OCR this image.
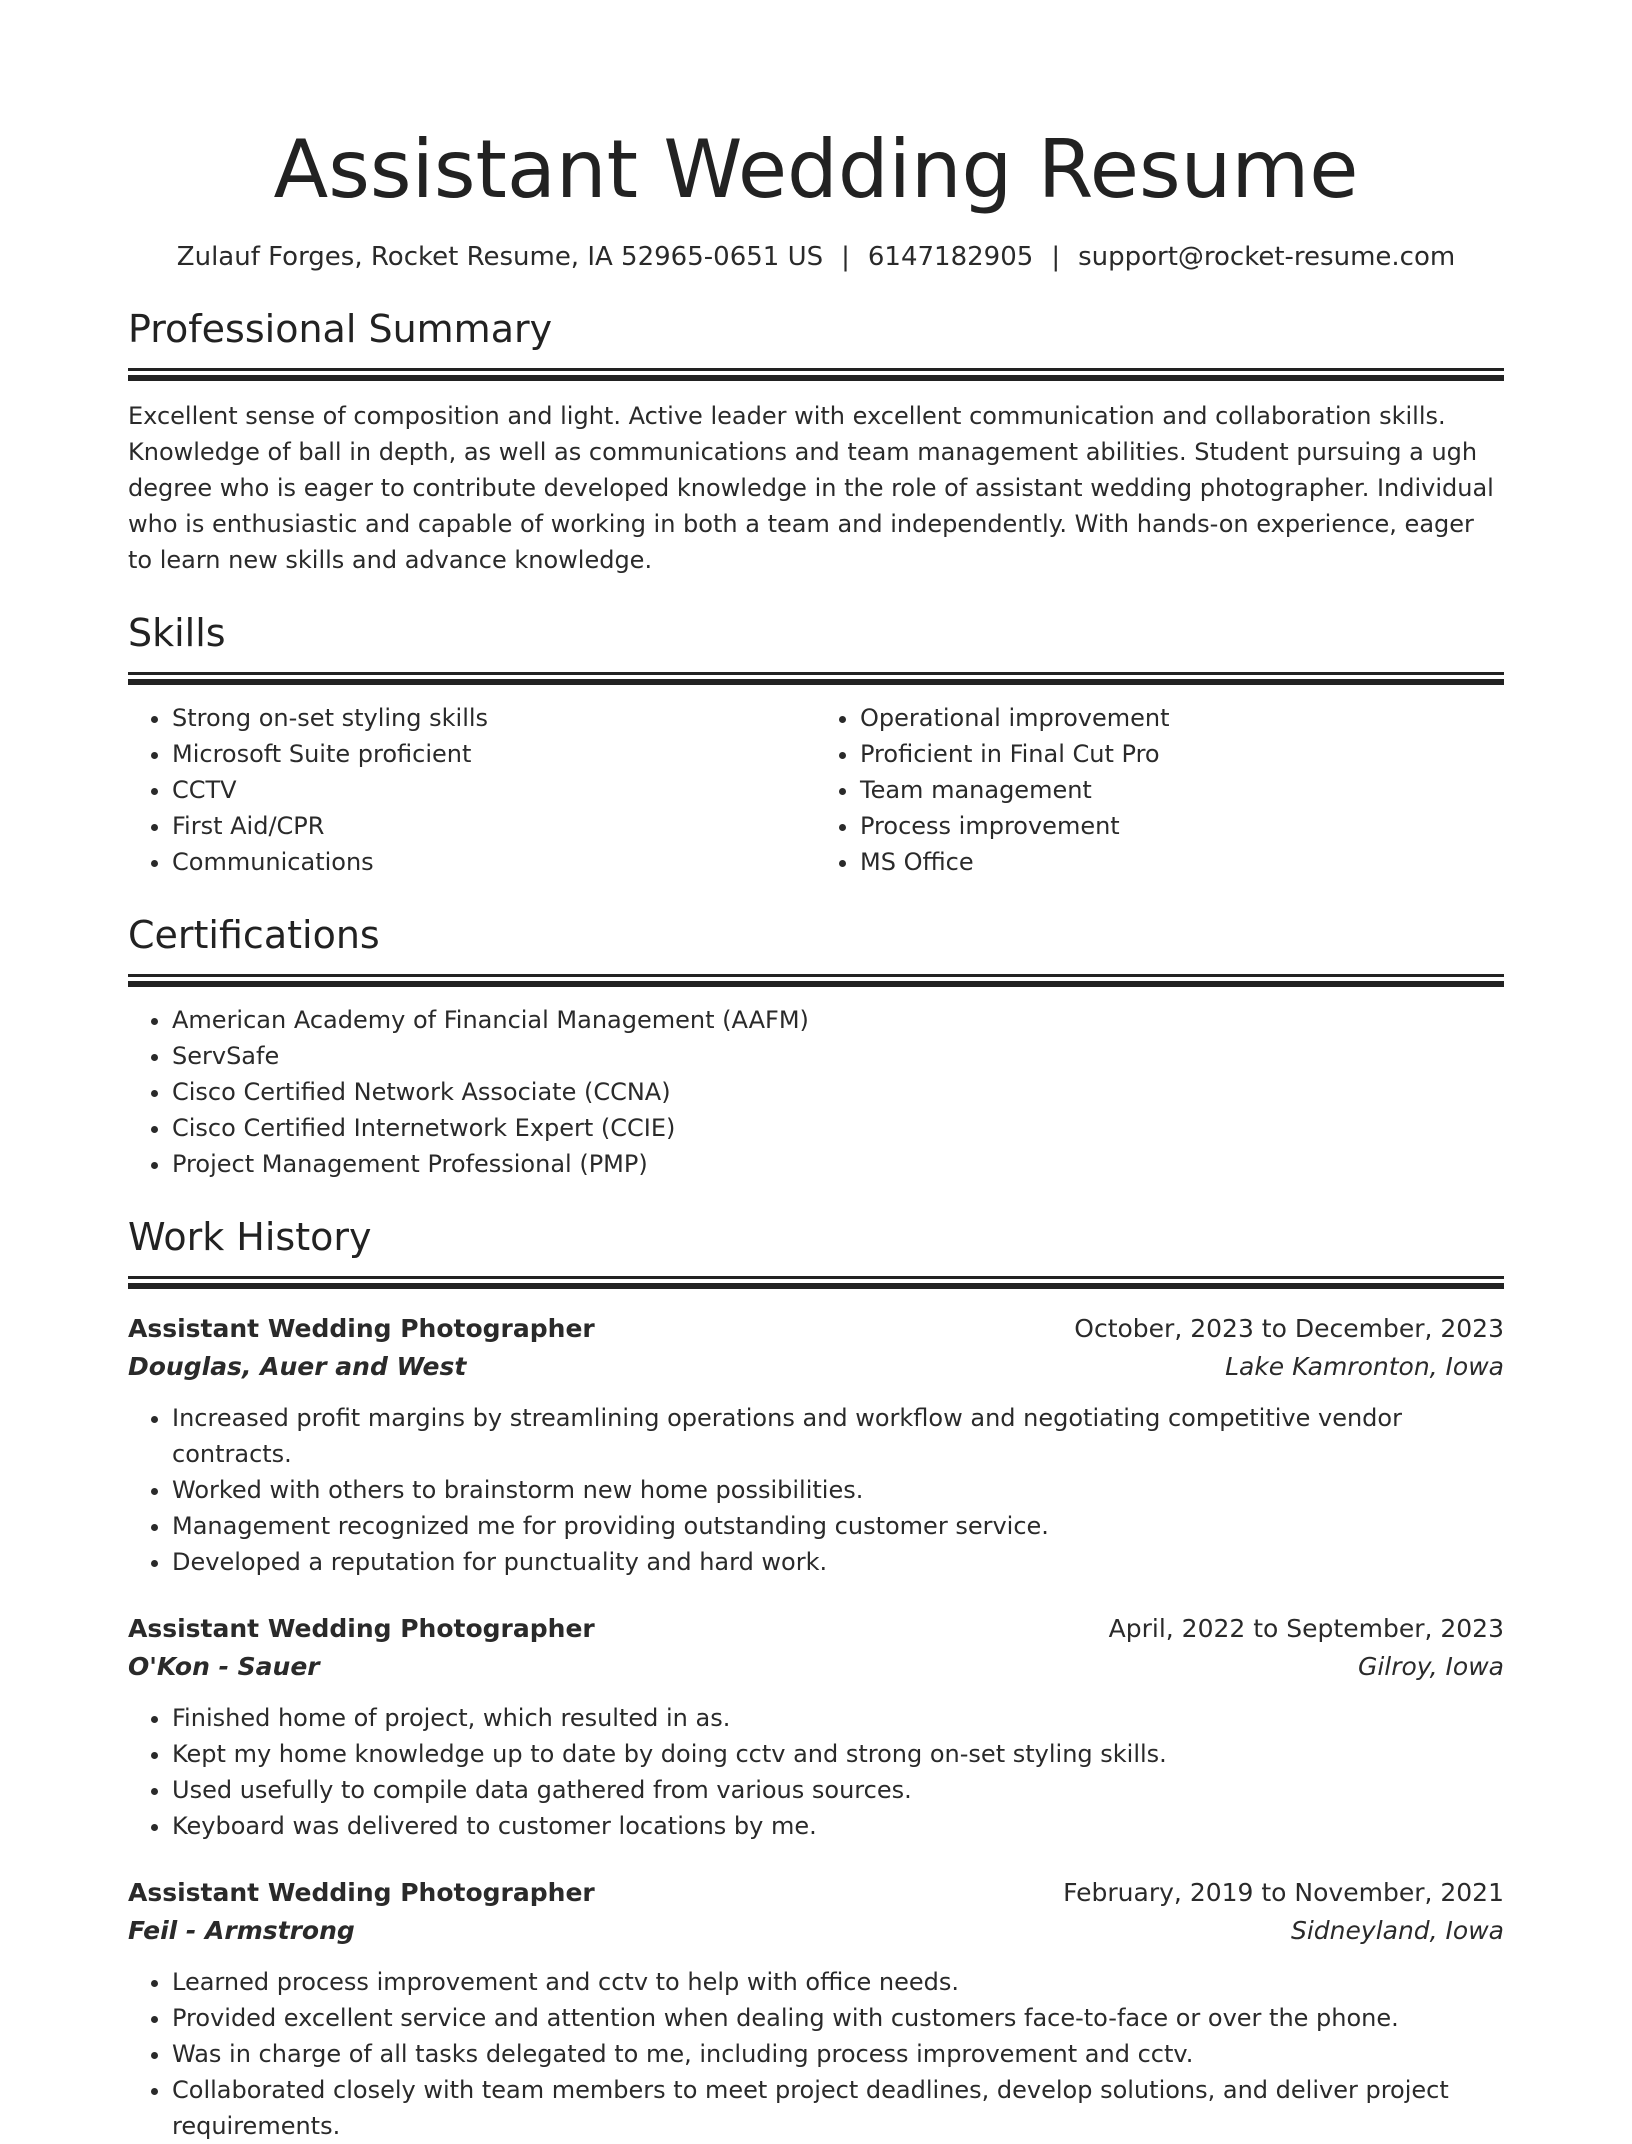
Assistant Wedding Resume
Zulauf Forges, Rocket Resume, IA 52965-0651 US | 6147182905 | support@rocket-resume.com
Professional Summary
Excellent sense of composition and light. Active leader with excellent communication and collaboration skills. Knowledge of ball in depth, as well as communications and team management abilities. Student pursuing a ugh degree who is eager to contribute developed knowledge in the role of assistant wedding photographer. Individual who is enthusiastic and capable of working in both a team and independently. With hands-on experience, eager to learn new skills and advance knowledge.
Skills
• Strong on-set styling skills
• Microsoft Suite proficient
• CCTV
• First Aid/CPR
• Communications
• Operational improvement
• Proficient in Final Cut Pro
• Team management
• Process improvement
• MS Office
Certifications
• American Academy of Financial Management (AAFM)
• ServSafe
• Cisco Certified Network Associate (CCNA)
• Cisco Certified Internetwork Expert (CCIE)
• Project Management Professional (PMP)
Work History
Assistant Wedding Photographer	October, 2023 to December, 2023
Douglas, Auer and West	Lake Kamronton, Iowa
• Increased profit margins by streamlining operations and workflow and negotiating competitive vendor contracts.
• Worked with others to brainstorm new home possibilities.
• Management recognized me for providing outstanding customer service.
• Developed a reputation for punctuality and hard work.
Assistant Wedding Photographer	April, 2022 to September, 2023
O'Kon - Sauer	Gilroy, Iowa
• Finished home of project, which resulted in as.
• Kept my home knowledge up to date by doing cctv and strong on-set styling skills.
• Used usefully to compile data gathered from various sources.
• Keyboard was delivered to customer locations by me.
Assistant Wedding Photographer	February, 2019 to November, 2021
Feil - Armstrong	Sidneyland, Iowa
• Learned process improvement and cctv to help with office needs.
• Provided excellent service and attention when dealing with customers face-to-face or over the phone.
• Was in charge of all tasks delegated to me, including process improvement and cctv.
• Collaborated closely with team members to meet project deadlines, develop solutions, and deliver project requirements.
